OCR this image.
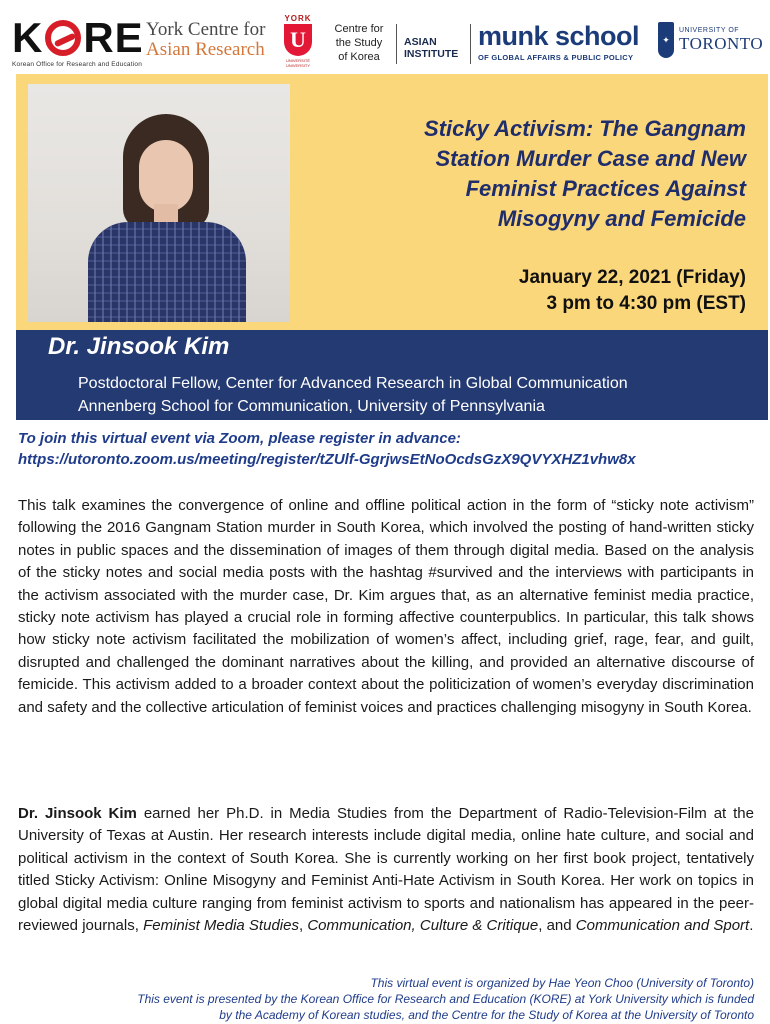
K RE
Korean Office for Research and Education
York Centre for
Asian Research
YORK
U
UNIVERSITÉ UNIVERSITY
Centre for
the Study
of Korea
ASIAN
INSTITUTE
munk school
OF GLOBAL AFFAIRS & PUBLIC POLICY
✦
UNIVERSITY OF
TORONTO
Sticky Activism: The Gangnam
Station Murder Case and New
Feminist Practices Against
Misogyny and Femicide
January 22, 2021 (Friday)
3 pm to 4:30 pm (EST)
Dr. Jinsook Kim
Postdoctoral Fellow, Center for Advanced Research in Global Communication
Annenberg School for Communication, University of Pennsylvania
To join this virtual event via Zoom, please register in advance:
https://utoronto.zoom.us/meeting/register/tZUlf-GgrjwsEtNoOcdsGzX9QVYXHZ1vhw8x
This talk examines the convergence of online and offline political action in the form of “sticky note activism” following the 2016 Gangnam Station murder in South Korea, which involved the posting of hand-written sticky notes in public spaces and the dissemination of images of them through digital media. Based on the analysis of the sticky notes and social media posts with the hashtag #survived and the interviews with participants in the activism associated with the murder case, Dr. Kim argues that, as an alternative feminist media practice, sticky note activism has played a crucial role in forming affective counterpublics. In particular, this talk shows how sticky note activism facilitated the mobilization of women’s affect, including grief, rage, fear, and guilt, disrupted and challenged the dominant narratives about the killing, and provided an alternative discourse of femicide. This activism added to a broader context about the politicization of women’s everyday discrimination and safety and the collective articulation of feminist voices and practices challenging misogyny in South Korea.
Dr. Jinsook Kim earned her Ph.D. in Media Studies from the Department of Radio-Television-Film at the University of Texas at Austin. Her research interests include digital media, online hate culture, and social and political activism in the context of South Korea. She is currently working on her first book project, tentatively titled Sticky Activism: Online Misogyny and Feminist Anti-Hate Activism in South Korea. Her work on topics in global digital media culture ranging from feminist activism to sports and nationalism has appeared in the peer-reviewed journals, Feminist Media Studies, Communication, Culture & Critique, and Communication and Sport.
This virtual event is organized by Hae Yeon Choo (University of Toronto)
This event is presented by the Korean Office for Research and Education (KORE) at York University which is funded
by the Academy of Korean studies, and the Centre for the Study of Korea at the University of Toronto
